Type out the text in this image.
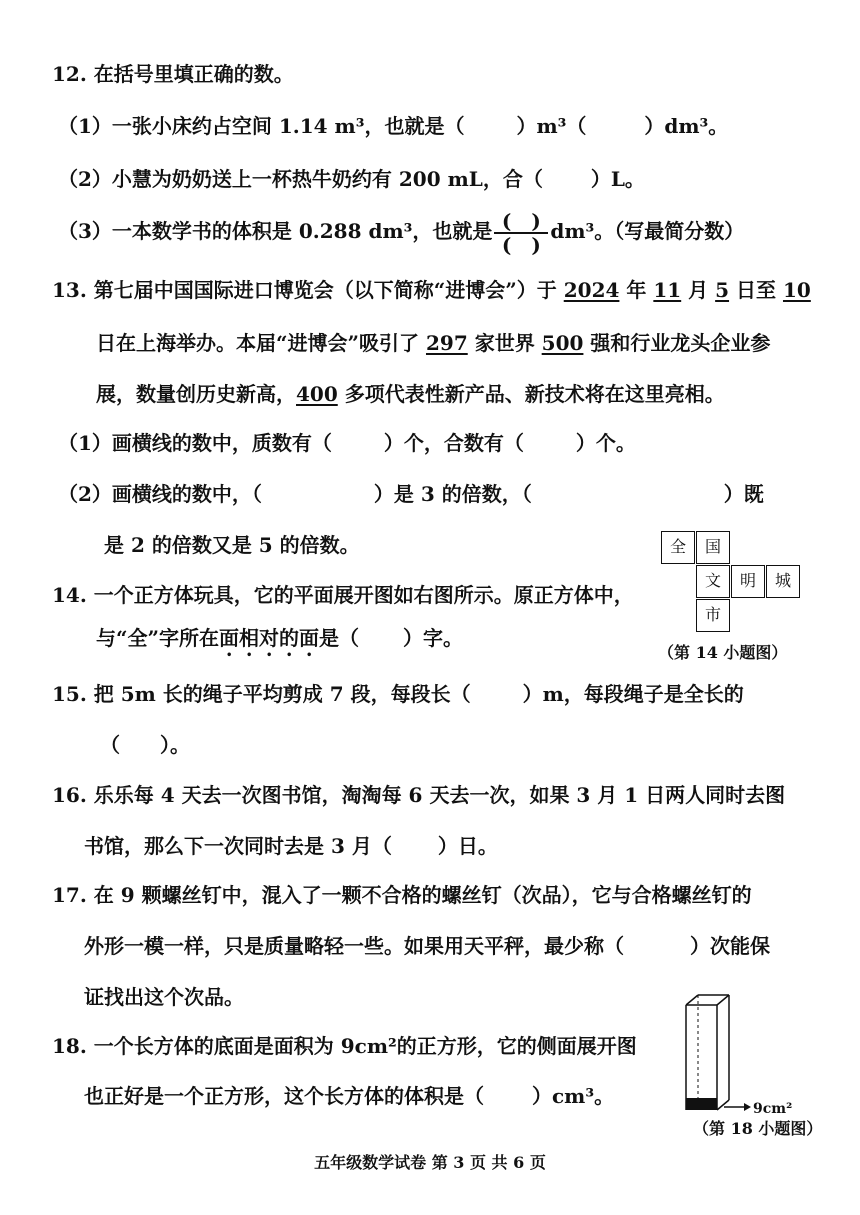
12. 在括号里填正确的数。
（1）一张小床约占空间 1.14 m³，也就是（	）m³（	）dm³。
（2）小慧为奶奶送上一杯热牛奶约有 200 mL，合（ ）L。
（3）一本数学书的体积是 0.288 dm³，也就是 $\frac{( )}{( )} dm^3$。（写最简分数）
13. 第七届中国国际进口博览会（以下简称“进博会”）于 2024 年 11 月 5 日至 10
日在上海举办。本届“进博会”吸引了 297 家世界 500 强和行业龙头企业参
展，数量创历史新高，400 多项代表性新产品、新技术将在这里亮相。
（1）画横线的数中，质数有（	）个，合数有（	）个。
（2）画横线的数中，（	）是 3 的倍数，（	）既
是 2 的倍数又是 5 的倍数。
14. 一个正方体玩具，它的平面展开图如右图所示。原正方体中，
与“全”字所在面相对的面是（ ）字。
全	国
文	明	城
市
（第 14 小题图）
15. 把 5m 长的绳子平均剪成 7 段，每段长（	）m，每段绳子是全长的
（　　）。
16. 乐乐每 4 天去一次图书馆，淘淘每 6 天去一次，如果 3 月 1 日两人同时去图
书馆，那么下一次同时去是 3 月（ ）日。
17. 在 9 颗螺丝钉中，混入了一颗不合格的螺丝钉（次品），它与合格螺丝钉的
外形一模一样，只是质量略轻一些。如果用天平秤，最少称（	）次能保
证找出这个次品。
18. 一个长方体的底面是面积为 9cm²的正方形，它的侧面展开图
也正好是一个正方形，这个长方体的体积是（ ）cm³。
9cm²
（第 18 小题图）
五年级数学试卷 第 3 页 共 6 页
